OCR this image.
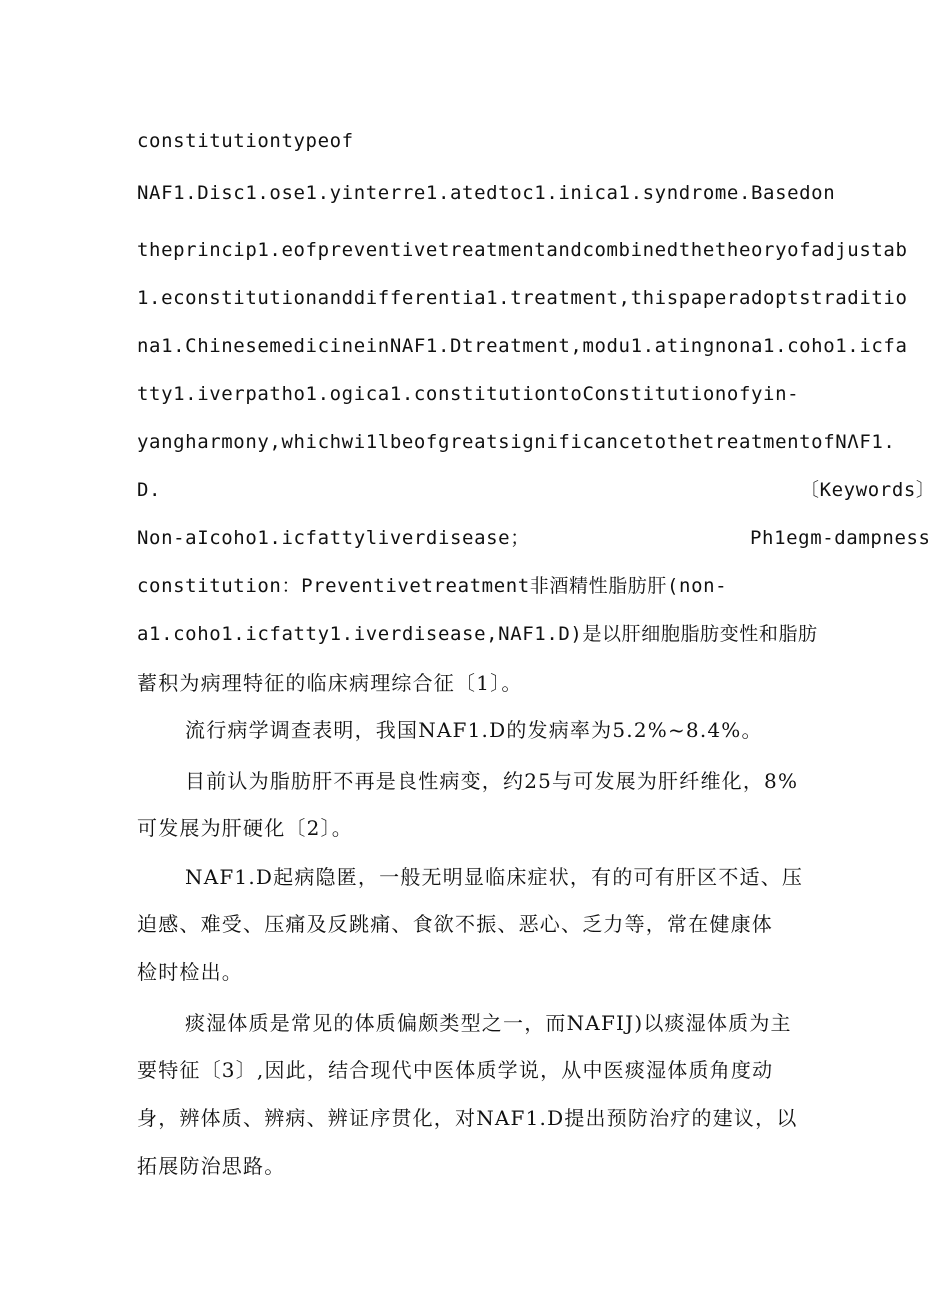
constitutiontypeof
NAF1.Disc1.ose1.yinterre1.atedtoc1.inica1.syndrome.Basedon
theprincip1.eofpreventivetreatmentandcombinedthetheoryofadjustab
1.econstitutionanddifferentia1.treatment,thispaperadoptstraditio
na1.ChinesemedicineinNAF1.Dtreatment,modu1.atingnona1.coho1.icfa
tty1.iverpatho1.ogica1.constitutiontoConstitutionofyin-
yangharmony,whichwi1lbeofgreatsignificancetothetreatmentofNΛF1.
D.	〔Keywords〕
Non-aIcoho1.icfattyliverdisease；	Ph1egm-dampness
constitution：Preventivetreatment非酒精性脂肪肝(non-
a1.coho1.icfatty1.iverdisease,NAF1.D)是以肝细胞脂肪变性和脂肪
蓄积为病理特征的临床病理综合征〔1〕。
流行病学调查表明，我国NAF1.D的发病率为5.2%~8.4%。
目前认为脂肪肝不再是良性病变，约25与可发展为肝纤维化，8%
可发展为肝硬化〔2〕。
NAF1.D起病隐匿，一般无明显临床症状，有的可有肝区不适、压
迫感、难受、压痛及反跳痛、食欲不振、恶心、乏力等，常在健康体
检时检出。
痰湿体质是常见的体质偏颇类型之一，而NAFIJ)以痰湿体质为主
要特征〔3〕,因此，结合现代中医体质学说，从中医痰湿体质角度动
身，辨体质、辨病、辨证序贯化，对NAF1.D提出预防治疗的建议，以
拓展防治思路。
